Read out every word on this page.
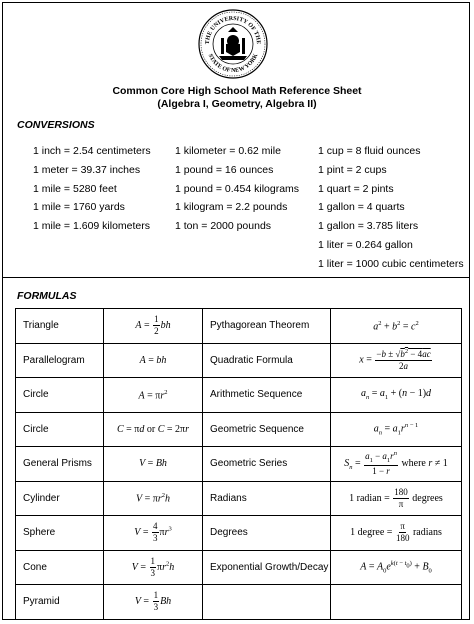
THE UNIVERSITY OF THE
STATE OF NEW YORK
Common Core High School Math Reference Sheet
(Algebra I, Geometry, Algebra II)
CONVERSIONS
1 inch = 2.54 centimeters
1 meter = 39.37 inches
1 mile = 5280 feet
1 mile = 1760 yards
1 mile = 1.609 kilometers
1 kilometer = 0.62 mile
1 pound = 16 ounces
1 pound = 0.454 kilograms
1 kilogram = 2.2 pounds
1 ton = 2000 pounds
1 cup = 8 fluid ounces
1 pint = 2 cups
1 quart = 2 pints
1 gallon = 4 quarts
1 gallon = 3.785 liters
1 liter = 0.264 gallon
1 liter = 1000 cubic centimeters
FORMULAS
Triangle	$A = \frac{1}{2}$ bh	Pythagorean Theorem	$a^2 + b^2 = c^2$
Parallelogram	A = bh	Quadratic Formula	$x = \frac{-b \pm √b^2 - 4ac}{2a}$

Circle	$A = \pi r^2$	Arithmetic Sequence	$a_n = a_1 + (n - 1)d$
Circle	C = πd or C = 2πr	Geometric Sequence	$a_n = a_1r^{n - 1}$
General Prisms	V = Bh	Geometric Series	$S_n = \frac{a_1 - a_1r^n}{1 - r}$ where r ≠ 1
Cylinder	$V = \pi r^2h$	Radians	1 radian = $\frac{180}{\pi}$ degrees
Sphere	$V = \frac{4}{3} \pi r^3$	Degrees	1 degree = $\frac{\pi}{180}$ radians
Cone	$V = \frac{1}{3} \pi r^2h$	Exponential Growth/Decay	$A = A_0e^{k(t - t_0)} + B_0$
Pyramid	$V = \frac{1}{3}$ Bh		
